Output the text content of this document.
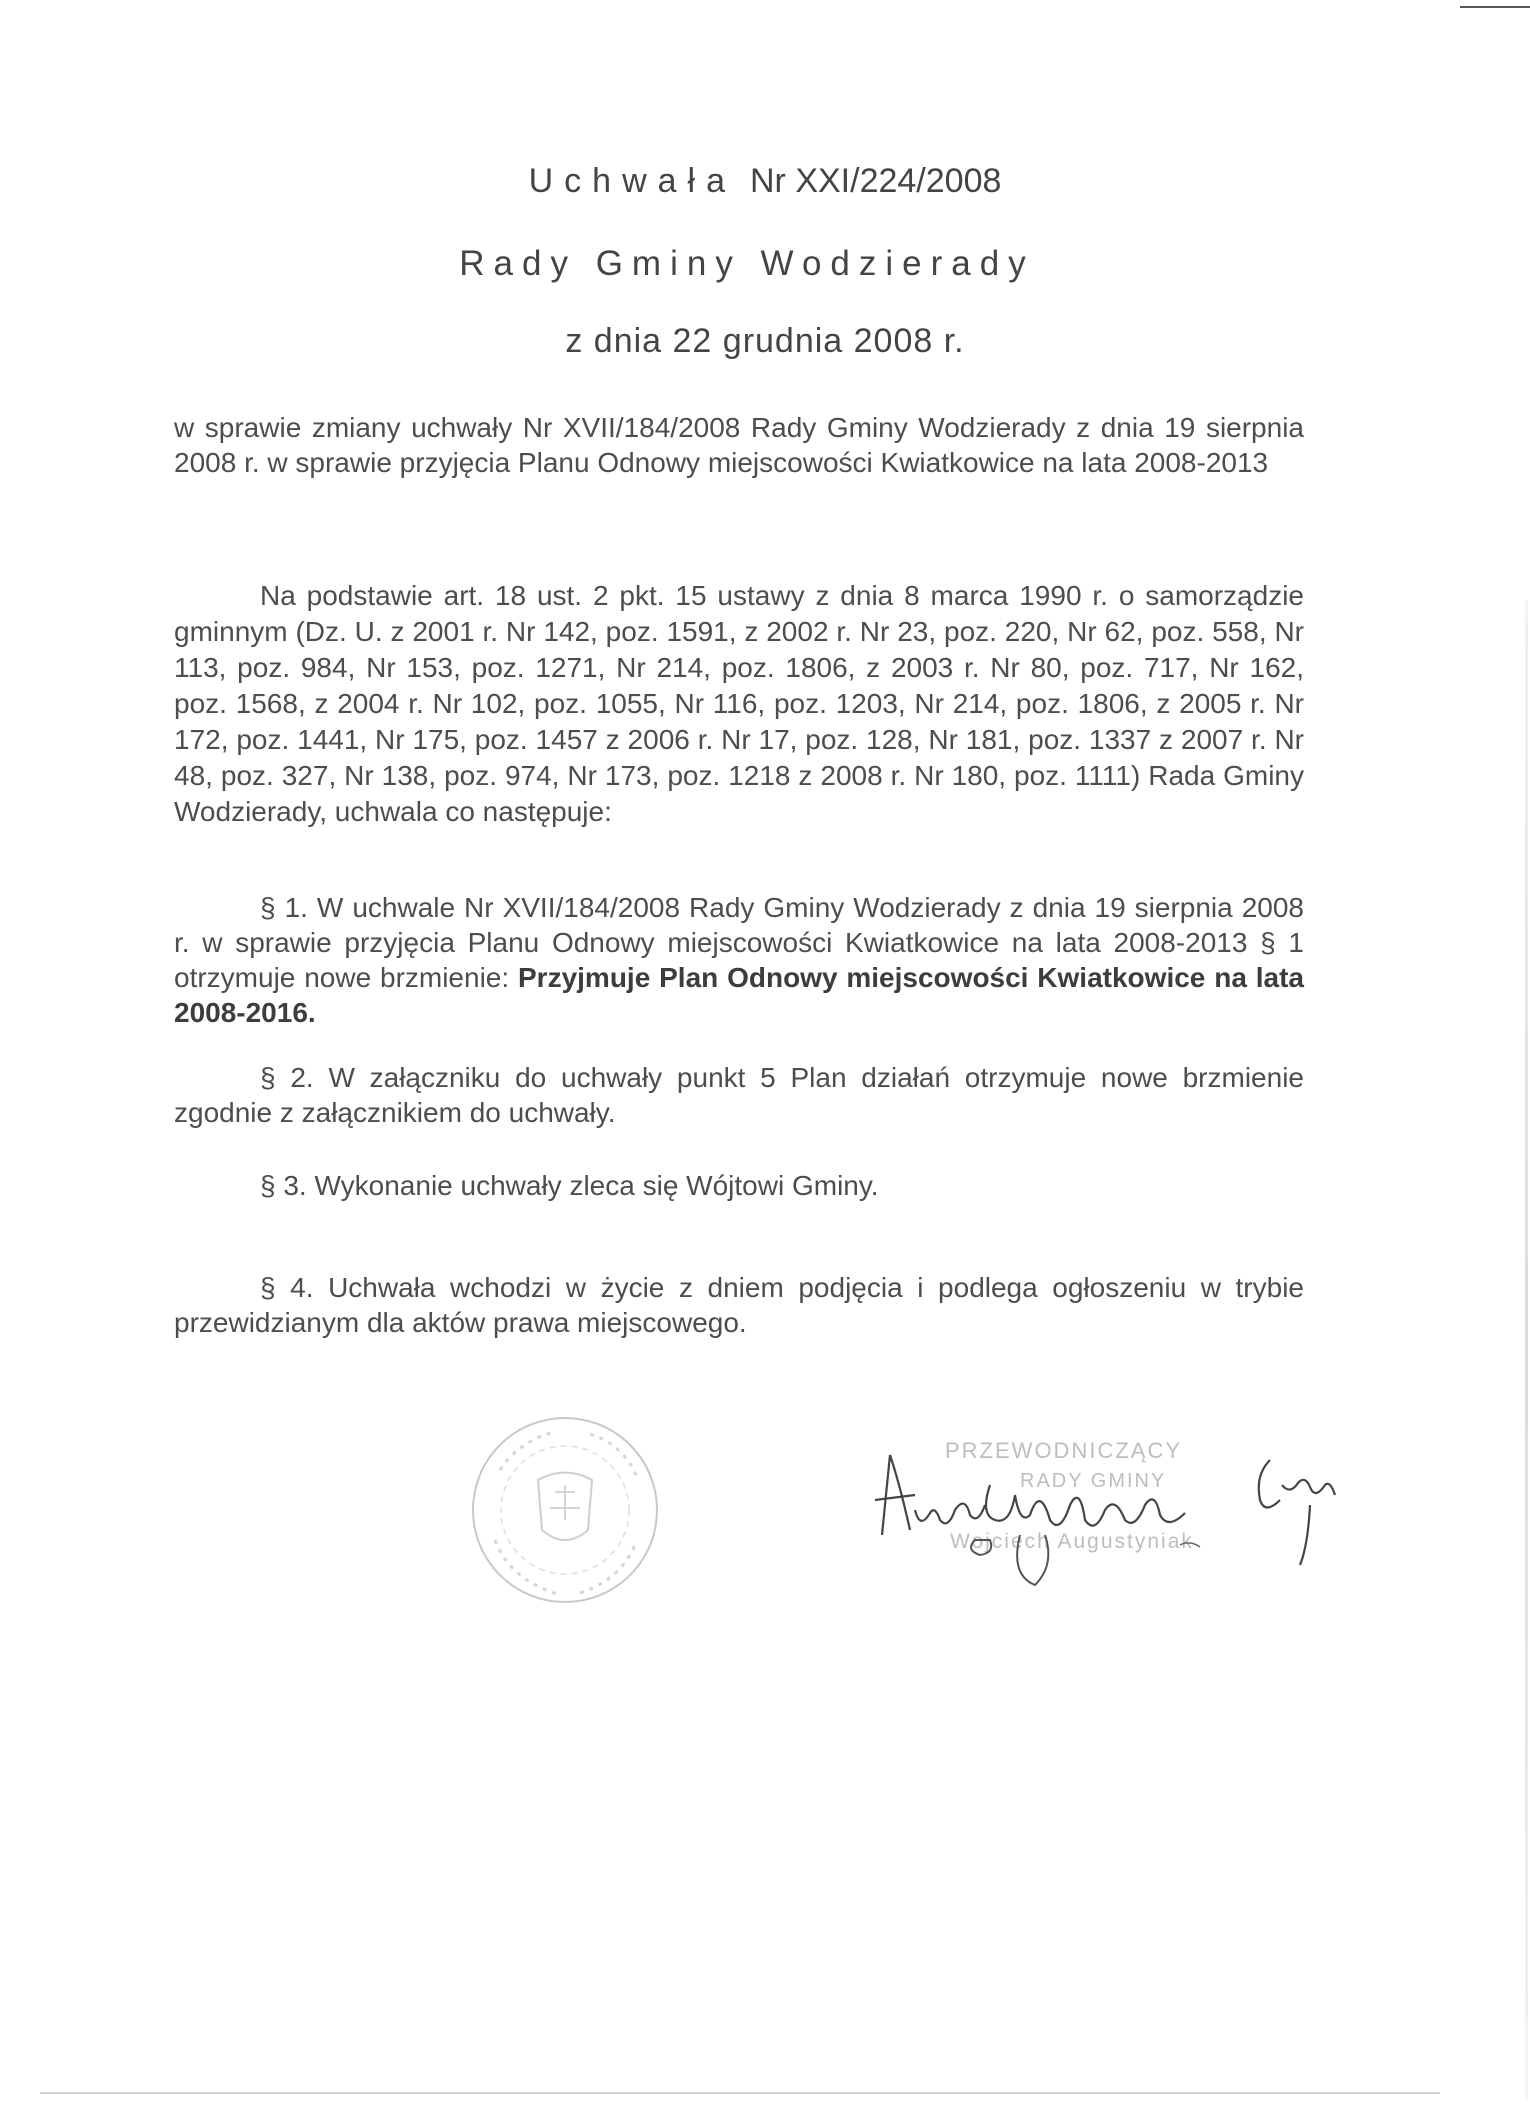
Uchwała Nr XXI/224/2008
Rady Gminy Wodzierady
z dnia 22 grudnia 2008 r.
w sprawie zmiany uchwały Nr XVII/184/2008 Rady Gminy Wodzierady z dnia 19 sierpnia 2008 r. w sprawie przyjęcia Planu Odnowy miejscowości Kwiatkowice na lata 2008-2013
Na podstawie art. 18 ust. 2 pkt. 15 ustawy z dnia 8 marca 1990 r. o samorządzie gminnym (Dz. U. z 2001 r. Nr 142, poz. 1591, z 2002 r. Nr 23, poz. 220, Nr 62, poz. 558, Nr 113, poz. 984, Nr 153, poz. 1271, Nr 214, poz. 1806, z 2003 r. Nr 80, poz. 717, Nr 162, poz. 1568, z 2004 r. Nr 102, poz. 1055, Nr 116, poz. 1203, Nr 214, poz. 1806, z 2005 r. Nr 172, poz. 1441, Nr 175, poz. 1457 z 2006 r. Nr 17, poz. 128, Nr 181, poz. 1337 z 2007 r. Nr 48, poz. 327, Nr 138, poz. 974, Nr 173, poz. 1218 z 2008 r. Nr 180, poz. 1111) Rada Gminy Wodzierady, uchwala co następuje:
§ 1. W uchwale Nr XVII/184/2008 Rady Gminy Wodzierady z dnia 19 sierpnia 2008 r. w sprawie przyjęcia Planu Odnowy miejscowości Kwiatkowice na lata 2008-2013 § 1 otrzymuje nowe brzmienie: Przyjmuje Plan Odnowy miejscowości Kwiatkowice na lata 2008-2016.
§ 2. W załączniku do uchwały punkt 5 Plan działań otrzymuje nowe brzmienie zgodnie z załącznikiem do uchwały.
§ 3. Wykonanie uchwały zleca się Wójtowi Gminy.
§ 4. Uchwała wchodzi w życie z dniem podjęcia i podlega ogłoszeniu w trybie przewidzianym dla aktów prawa miejscowego.
PRZEWODNICZĄCY
RADY GMINY
Wojciech Augustyniak
